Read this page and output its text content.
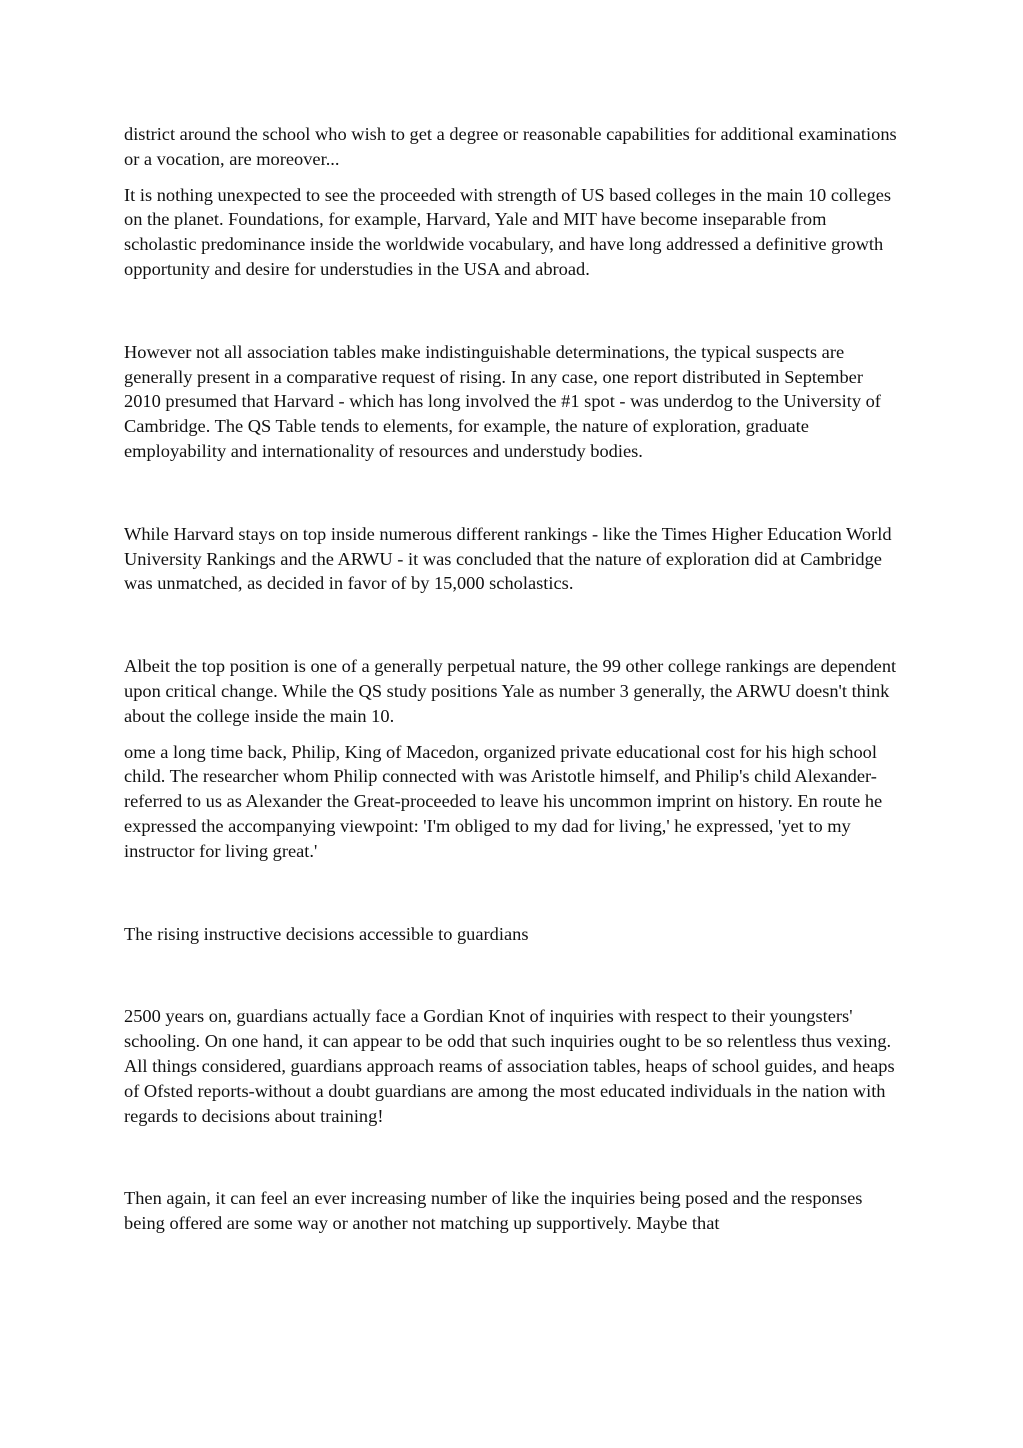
district around the school who wish to get a degree or reasonable capabilities for additional examinations or a vocation, are moreover...

It is nothing unexpected to see the proceeded with strength of US based colleges in the main 10 colleges on the planet. Foundations, for example, Harvard, Yale and MIT have become inseparable from scholastic predominance inside the worldwide vocabulary, and have long addressed a definitive growth opportunity and desire for understudies in the USA and abroad.

However not all association tables make indistinguishable determinations, the typical suspects are generally present in a comparative request of rising. In any case, one report distributed in September 2010 presumed that Harvard - which has long involved the #1 spot - was underdog to the University of Cambridge. The QS Table tends to elements, for example, the nature of exploration, graduate employability and internationality of resources and understudy bodies.

While Harvard stays on top inside numerous different rankings - like the Times Higher Education World University Rankings and the ARWU - it was concluded that the nature of exploration did at Cambridge was unmatched, as decided in favor of by 15,000 scholastics.

Albeit the top position is one of a generally perpetual nature, the 99 other college rankings are dependent upon critical change. While the QS study positions Yale as number 3 generally, the ARWU doesn't think about the college inside the main 10.

ome a long time back, Philip, King of Macedon, organized private educational cost for his high school child. The researcher whom Philip connected with was Aristotle himself, and Philip's child Alexander-referred to us as Alexander the Great-proceeded to leave his uncommon imprint on history. En route he expressed the accompanying viewpoint: 'I'm obliged to my dad for living,' he expressed, 'yet to my instructor for living great.'

The rising instructive decisions accessible to guardians

2500 years on, guardians actually face a Gordian Knot of inquiries with respect to their youngsters' schooling. On one hand, it can appear to be odd that such inquiries ought to be so relentless thus vexing. All things considered, guardians approach reams of association tables, heaps of school guides, and heaps of Ofsted reports-without a doubt guardians are among the most educated individuals in the nation with regards to decisions about training!

Then again, it can feel an ever increasing number of like the inquiries being posed and the responses being offered are some way or another not matching up supportively. Maybe that
